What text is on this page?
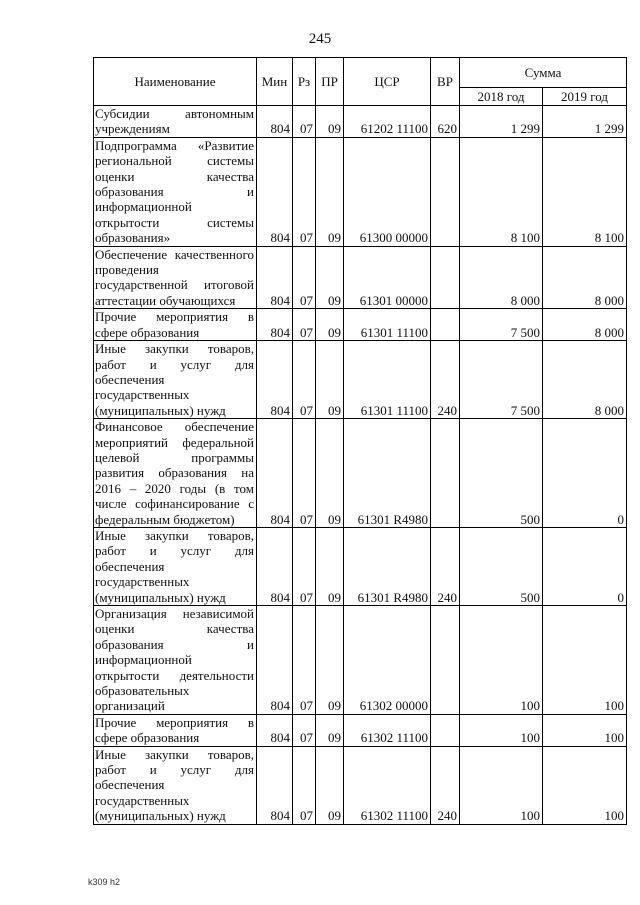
245
Наименование	Мин	Рз	ПР	ЦСР	ВР	Сумма	
						2018 год	2019 год
Субсидии автономным учреждениям	804	07	09	61202 11100	620	1 299	1 299
Подпрограмма «Развитие региональной системы оценки качества образования и информационной открытости системы образования»	804	07	09	61300 00000		8 100	8 100
Обеспечение качественного проведения государственной итоговой аттестации обучающихся	804	07	09	61301 00000		8 000	8 000
Прочие мероприятия в сфере образования	804	07	09	61301 11100		7 500	8 000
Иные закупки товаров, работ и услуг для обеспечения государственных (муниципальных) нужд	804	07	09	61301 11100	240	7 500	8 000
Финансовое обеспечение мероприятий федеральной целевой программы развития образования на 2016 – 2020 годы (в том числе софинансирование с федеральным бюджетом)	804	07	09	61301 R4980		500	0
Иные закупки товаров, работ и услуг для обеспечения государственных (муниципальных) нужд	804	07	09	61301 R4980	240	500	0
Организация независимой оценки качества образования и информационной открытости деятельности образовательных организаций	804	07	09	61302 00000		100	100
Прочие мероприятия в сфере образования	804	07	09	61302 11100		100	100
Иные закупки товаров, работ и услуг для обеспечения государственных (муниципальных) нужд	804	07	09	61302 11100	240	100	100
k309 h2
